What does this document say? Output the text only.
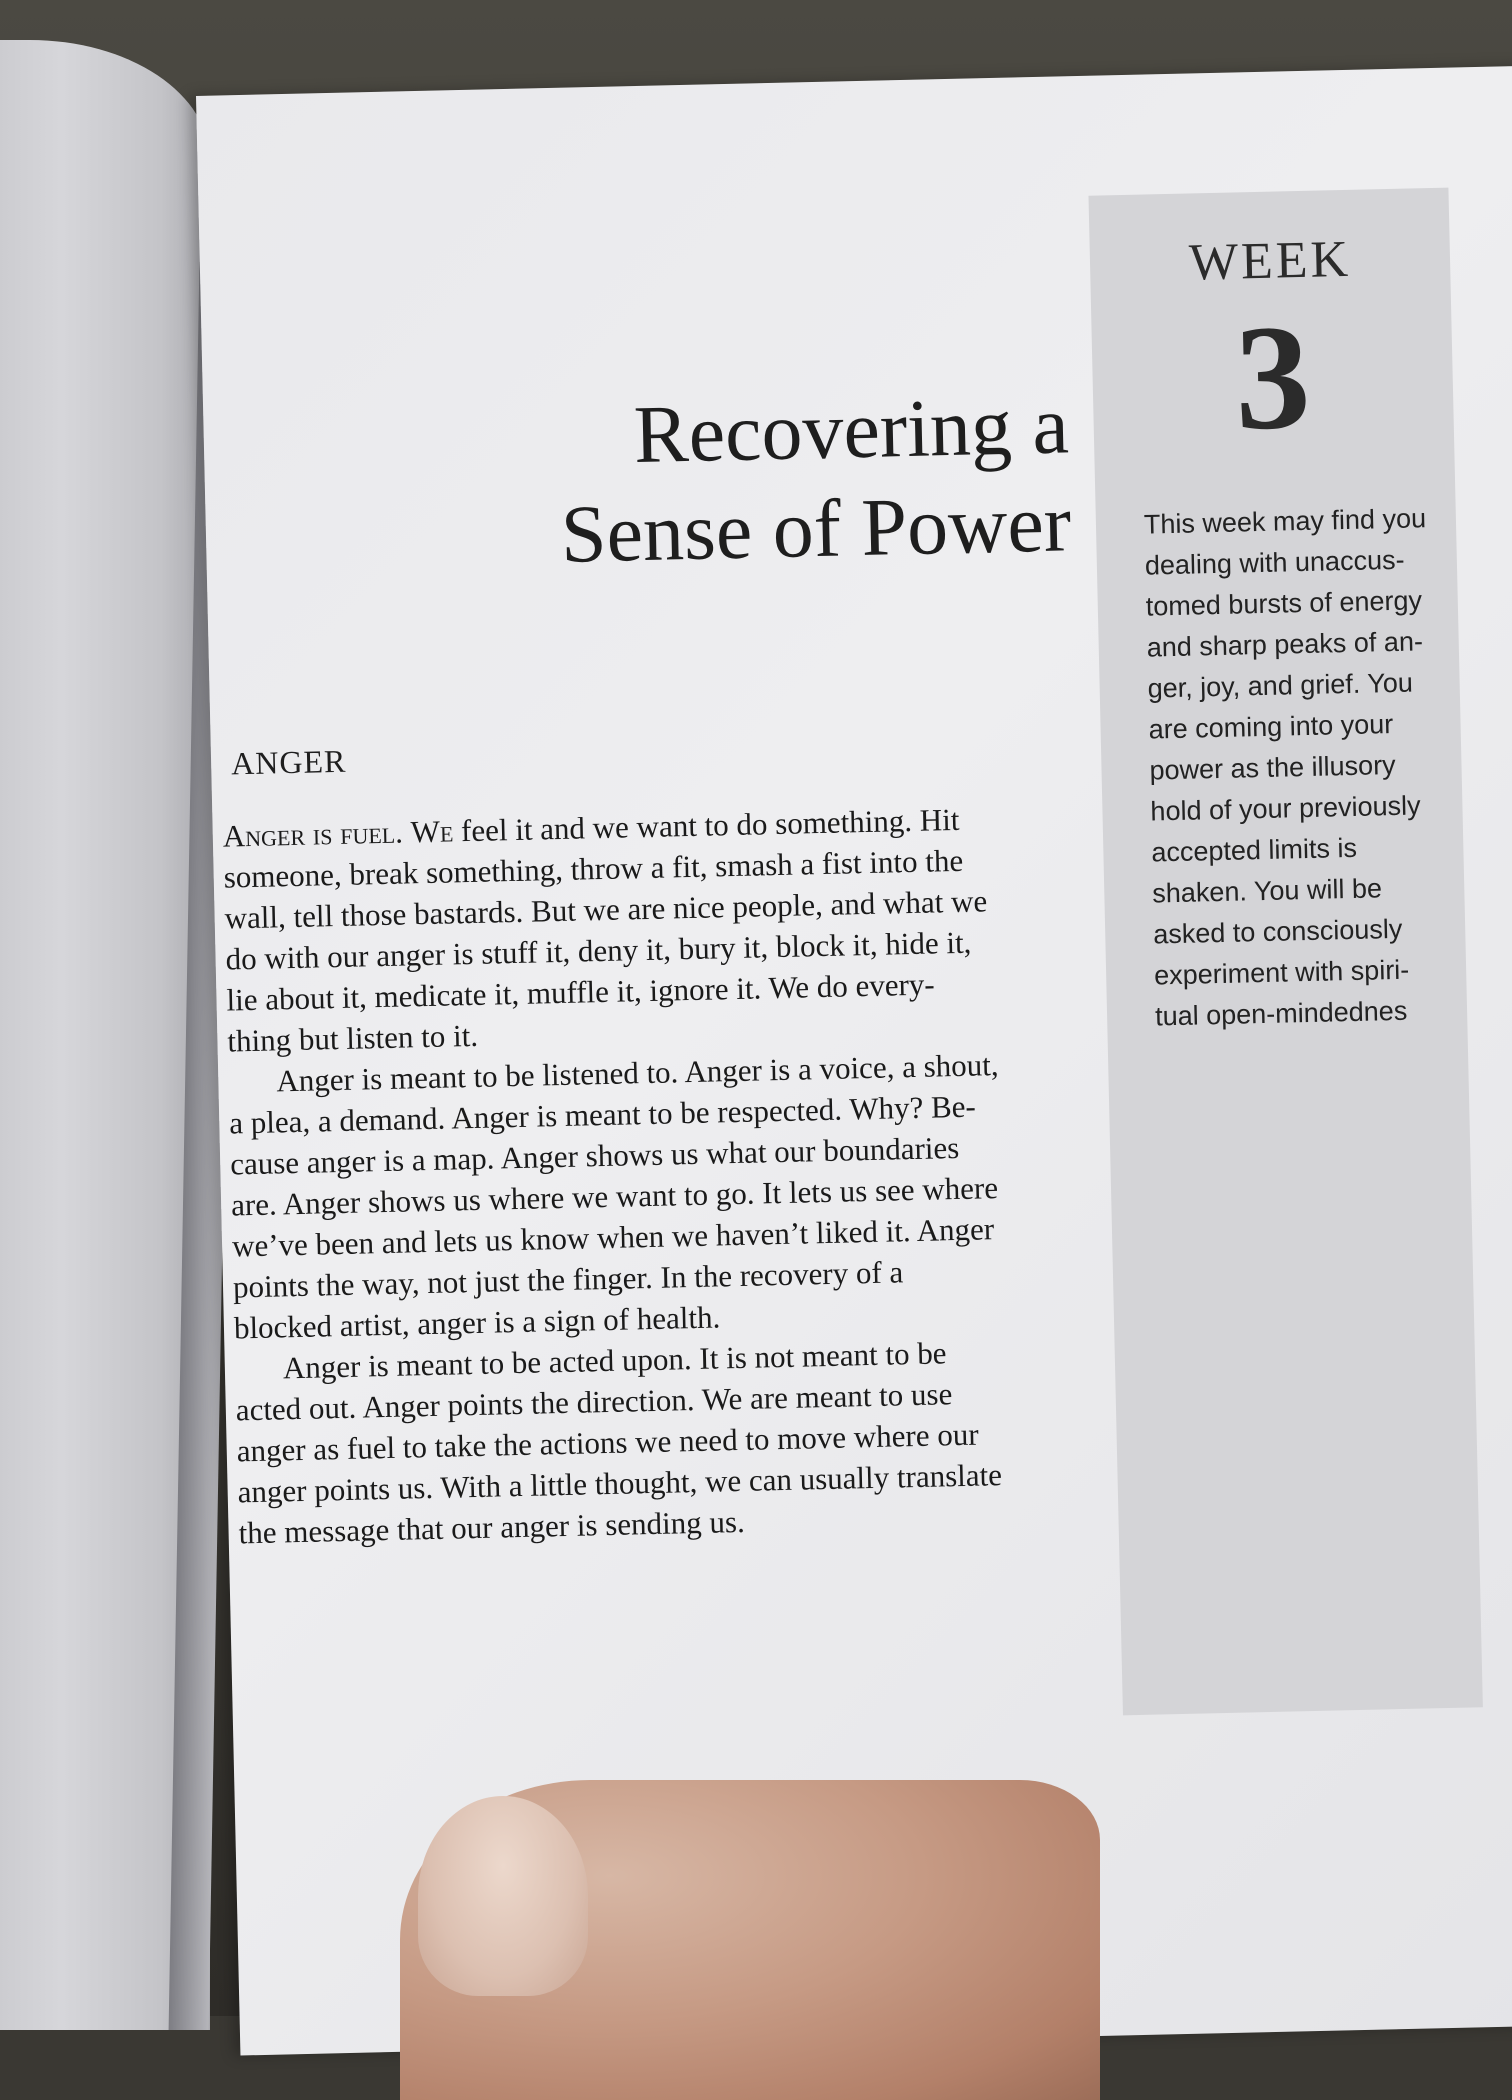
WEEK
3
This week may find you
dealing with unaccus-
tomed bursts of energy
and sharp peaks of an-
ger, joy, and grief. You
are coming into your
power as the illusory
hold of your previously
accepted limits is
shaken. You will be
asked to consciously
experiment with spiri-
tual open-mindednes
Recovering a
Sense of Power
ANGER
Anger is fuel. We feel it and we want to do something. Hit
someone, break something, throw a fit, smash a fist into the
wall, tell those bastards. But we are nice people, and what we
do with our anger is stuff it, deny it, bury it, block it, hide it,
lie about it, medicate it, muffle it, ignore it. We do every-
thing but listen to it.
Anger is meant to be listened to. Anger is a voice, a shout,
a plea, a demand. Anger is meant to be respected. Why? Be-
cause anger is a map. Anger shows us what our boundaries
are. Anger shows us where we want to go. It lets us see where
we’ve been and lets us know when we haven’t liked it. Anger
points the way, not just the finger. In the recovery of a
blocked artist, anger is a sign of health.
Anger is meant to be acted upon. It is not meant to be
acted out. Anger points the direction. We are meant to use
anger as fuel to take the actions we need to move where our
anger points us. With a little thought, we can usually translate
the message that our anger is sending us.
